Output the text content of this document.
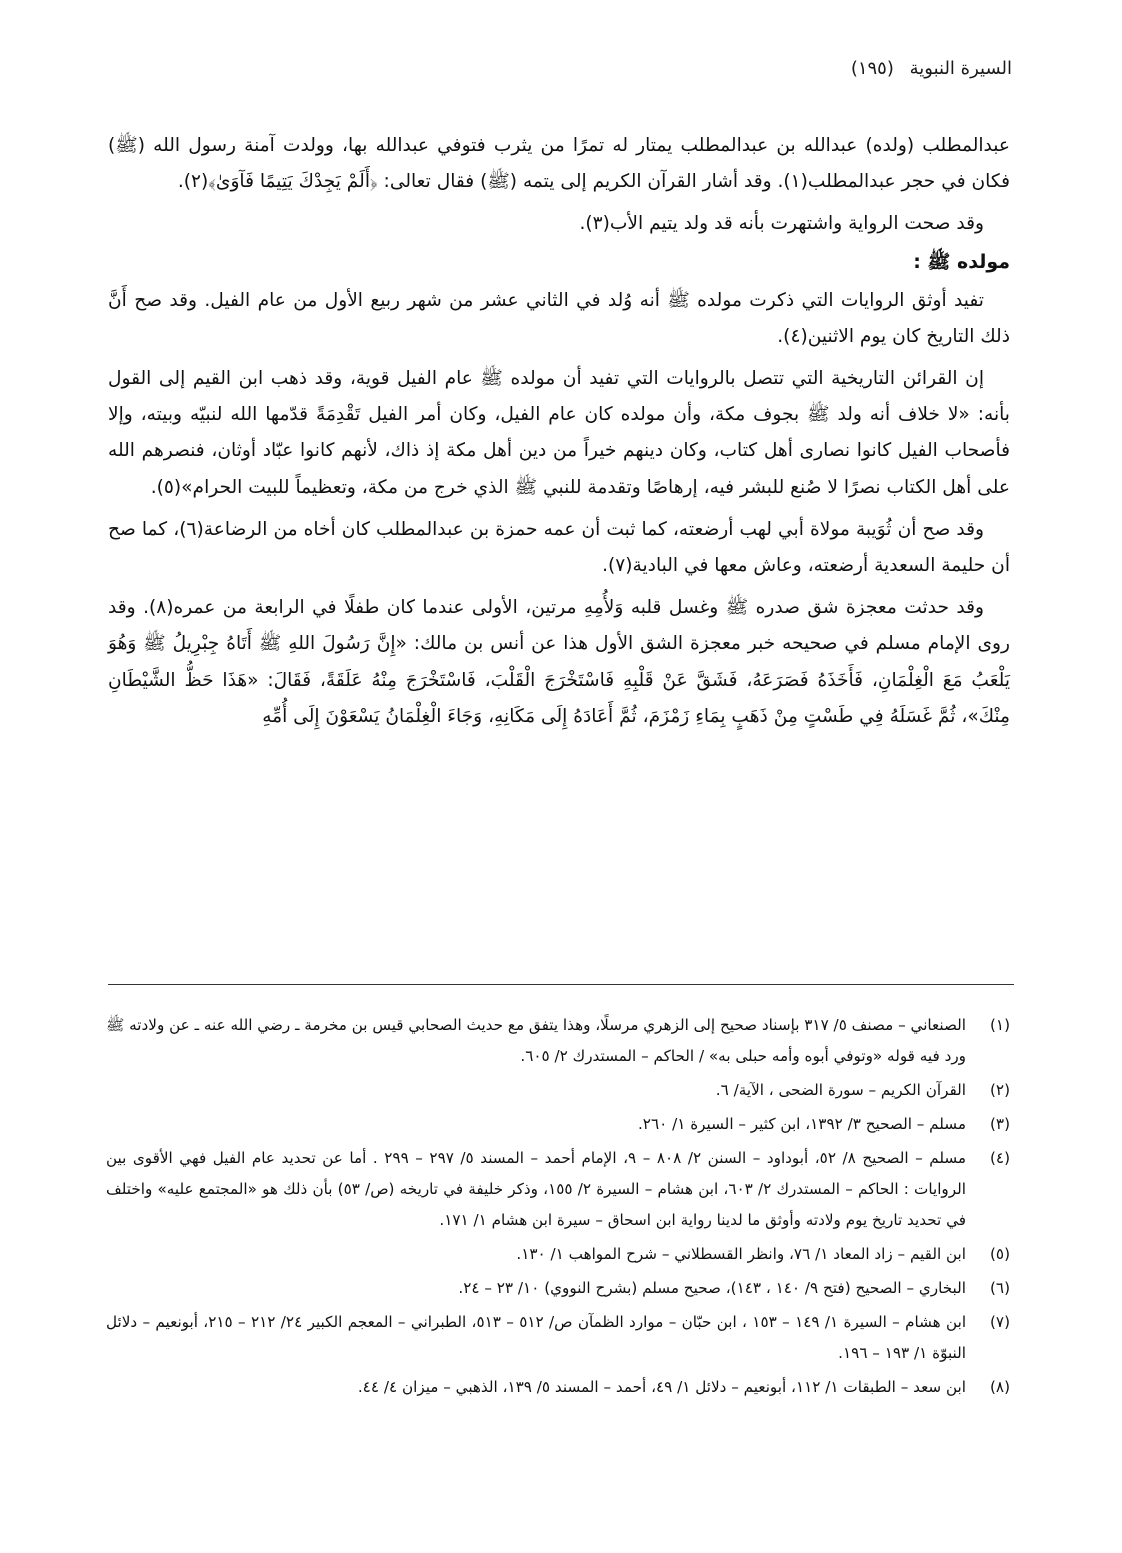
السيرة النبوية (١٩٥)

عبدالمطلب (ولده) عبدالله بن عبدالمطلب يمتار له تمرًا من يثرب فتوفي عبدالله بها، وولدت آمنة رسول الله (ﷺ) فكان في حجر عبدالمطلب(١). وقد أشار القرآن الكريم إلى يتمه (ﷺ) فقال تعالى: ﴿أَلَمْ يَجِدْكَ يَتِيمًا فَآوَىٰ﴾(٢).

وقد صحت الرواية واشتهرت بأنه قد ولد يتيم الأب(٣).

مولده ﷺ :

تفيد أوثق الروايات التي ذكرت مولده ﷺ أنه وُلد في الثاني عشر من شهر ربيع الأول من عام الفيل. وقد صح أَنَّ ذلك التاريخ كان يوم الاثنين(٤).

إن القرائن التاريخية التي تتصل بالروايات التي تفيد أن مولده ﷺ عام الفيل قوية، وقد ذهب ابن القيم إلى القول بأنه: «لا خلاف أنه ولد ﷺ بجوف مكة، وأن مولده كان عام الفيل، وكان أمر الفيل تَقْدِمَةً قدّمها الله لنبيّه وبيته، وإلا فأصحاب الفيل كانوا نصارى أهل كتاب، وكان دينهم خيراً من دين أهل مكة إذ ذاك، لأنهم كانوا عبّاد أوثان، فنصرهم الله على أهل الكتاب نصرًا لا صُنع للبشر فيه، إرهاصًا وتقدمة للنبي ﷺ الذي خرج من مكة، وتعظيماً للبيت الحرام»(٥).

وقد صح أن ثُوَيبة مولاة أبي لهب أرضعته، كما ثبت أن عمه حمزة بن عبدالمطلب كان أخاه من الرضاعة(٦)، كما صح أن حليمة السعدية أرضعته، وعاش معها في البادية(٧).

وقد حدثت معجزة شق صدره ﷺ وغسل قلبه وَلأُمِهِ مرتين، الأولى عندما كان طفلًا في الرابعة من عمره(٨). وقد روى الإمام مسلم في صحيحه خبر معجزة الشق الأول هذا عن أنس بن مالك: «إِنَّ رَسُولَ اللهِ ﷺ أَتَاهُ جِبْرِيلُ ﷺ وَهُوَ يَلْعَبُ مَعَ الْغِلْمَانِ، فَأَخَذَهُ فَصَرَعَهُ، فَشَقَّ عَنْ قَلْبِهِ فَاسْتَخْرَجَ الْقَلْبَ، فَاسْتَخْرَجَ مِنْهُ عَلَقَةً، فَقَالَ: «هَذَا حَظُّ الشَّيْطَانِ مِنْكَ»، ثُمَّ غَسَلَهُ فِي طَسْتٍ مِنْ ذَهَبٍ بِمَاءِ زَمْزَمَ، ثُمَّ أَعَادَهُ إِلَى مَكَانِهِ، وَجَاءَ الْغِلْمَانُ يَسْعَوْنَ إِلَى أُمِّهِ

(١)
الصنعاني – مصنف ٥/ ٣١٧ بإسناد صحيح إلى الزهري مرسلًا، وهذا يتفق مع حديث الصحابي قيس بن مخرمة ـ رضي الله عنه ـ عن ولادته ﷺ ورد فيه قوله «وتوفي أبوه وأمه حبلى به» / الحاكم – المستدرك ٢/ ٦٠٥.
(٢)
القرآن الكريم – سورة الضحى ، الآية/ ٦.
(٣)
مسلم – الصحيح ٣/ ١٣٩٢، ابن كثير – السيرة ١/ ٢٦٠.
(٤)
مسلم – الصحيح ٨/ ٥٢، أبوداود – السنن ٢/ ٨٠٨ – ٩، الإمام أحمد – المسند ٥/ ٢٩٧ – ٢٩٩ . أما عن تحديد عام الفيل فهي الأقوى بين الروايات : الحاكم – المستدرك ٢/ ٦٠٣، ابن هشام – السيرة ٢/ ١٥٥، وذكر خليفة في تاريخه (ص/ ٥٣) بأن ذلك هو «المجتمع عليه» واختلف في تحديد تاريخ يوم ولادته وأوثق ما لدينا رواية ابن اسحاق – سيرة ابن هشام ١/ ١٧١.
(٥)
ابن القيم – زاد المعاد ١/ ٧٦، وانظر القسطلاني – شرح المواهب ١/ ١٣٠.
(٦)
البخاري – الصحيح (فتح ٩/ ١٤٠ ، ١٤٣)، صحيح مسلم (بشرح النووي) ١٠/ ٢٣ – ٢٤.
(٧)
ابن هشام – السيرة ١/ ١٤٩ – ١٥٣ ، ابن حبّان – موارد الظمآن ص/ ٥١٢ – ٥١٣، الطبراني – المعجم الكبير ٢٤/ ٢١٢ – ٢١٥، أبونعيم – دلائل النبوّة ١/ ١٩٣ – ١٩٦.
(٨)
ابن سعد – الطبقات ١/ ١١٢، أبونعيم – دلائل ١/ ٤٩، أحمد – المسند ٥/ ١٣٩، الذهبي – ميزان ٤/ ٤٤.
